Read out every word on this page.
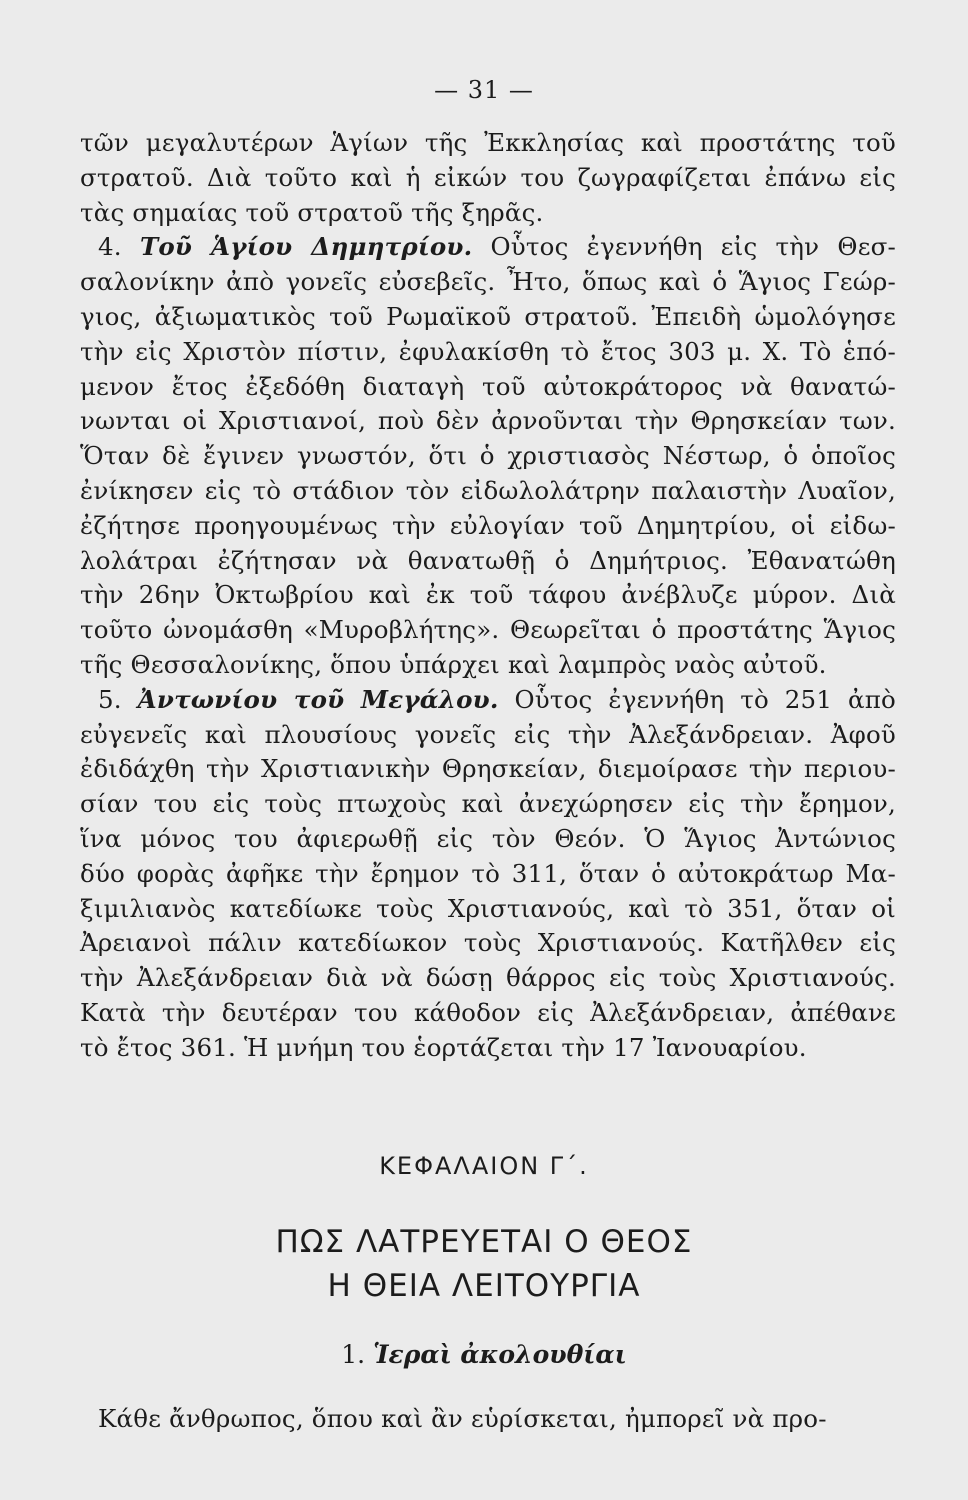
— 31 —
τῶν μεγαλυτέρων Ἁγίων τῆς Ἐκκλησίας καὶ προστάτης τοῦ
στρατοῦ. Διὰ τοῦτο καὶ ἡ εἰκών του ζωγραφίζεται ἐπάνω εἰς
τὰς σημαίας τοῦ στρατοῦ τῆς ξηρᾶς.
4. Τοῦ Ἁγίου Δημητρίου. Οὗτος ἐγεννήθη εἰς τὴν Θεσ-
σαλονίκην ἀπὸ γονεῖς εὐσεβεῖς. Ἦτο, ὅπως καὶ ὁ Ἅγιος Γεώρ-
γιος, ἀξιωματικὸς τοῦ Ρωμαϊκοῦ στρατοῦ. Ἐπειδὴ ὡμολόγησε
τὴν εἰς Χριστὸν πίστιν, ἐφυλακίσθη τὸ ἔτος 303 μ. Χ. Τὸ ἑπό-
μενον ἔτος ἐξεδόθη διαταγὴ τοῦ αὐτοκράτορος νὰ θανατώ-
νωνται οἱ Χριστιανοί, ποὺ δὲν ἀρνοῦνται τὴν Θρησκείαν των.
Ὅταν δὲ ἔγινεν γνωστόν, ὅτι ὁ χριστιασὸς Νέστωρ, ὁ ὁποῖος
ἐνίκησεν εἰς τὸ στάδιον τὸν εἰδωλολάτρην παλαιστὴν Λυαῖον,
ἐζήτησε προηγουμένως τὴν εὐλογίαν τοῦ Δημητρίου, οἱ εἰδω-
λολάτραι ἐζήτησαν νὰ θανατωθῇ ὁ Δημήτριος. Ἐθανατώθη
τὴν 26ην Ὀκτωβρίου καὶ ἐκ τοῦ τάφου ἀνέβλυζε μύρον. Διὰ
τοῦτο ὠνομάσθη «Μυροβλήτης». Θεωρεῖται ὁ προστάτης Ἅγιος
τῆς Θεσσαλονίκης, ὅπου ὑπάρχει καὶ λαμπρὸς ναὸς αὐτοῦ.
5. Ἀντωνίου τοῦ Μεγάλου. Οὗτος ἐγεννήθη τὸ 251 ἀπὸ
εὐγενεῖς καὶ πλουσίους γονεῖς εἰς τὴν Ἀλεξάνδρειαν. Ἀφοῦ
ἐδιδάχθη τὴν Χριστιανικὴν Θρησκείαν, διεμοίρασε τὴν περιου-
σίαν του εἰς τοὺς πτωχοὺς καὶ ἀνεχώρησεν εἰς τὴν ἔρημον,
ἵνα μόνος του ἀφιερωθῇ εἰς τὸν Θεόν. Ὁ Ἅγιος Ἀντώνιος
δύο φορὰς ἀφῆκε τὴν ἔρημον τὸ 311, ὅταν ὁ αὐτοκράτωρ Μα-
ξιμιλιανὸς κατεδίωκε τοὺς Χριστιανούς, καὶ τὸ 351, ὅταν οἱ
Ἀρειανοὶ πάλιν κατεδίωκον τοὺς Χριστιανούς. Κατῆλθεν εἰς
τὴν Ἀλεξάνδρειαν διὰ νὰ δώσῃ θάρρος εἰς τοὺς Χριστιανούς.
Κατὰ τὴν δευτέραν του κάθοδον εἰς Ἀλεξάνδρειαν, ἀπέθανε
τὸ ἔτος 361. Ἡ μνήμη του ἑορτάζεται τὴν 17 Ἰανουαρίου.
ΚΕΦΑΛΑΙΟΝ Γ΄.
ΠΩΣ ΛΑΤΡΕΥΕΤΑΙ Ο ΘΕΟΣ
Η ΘΕΙΑ ΛΕΙΤΟΥΡΓΙΑ
1. Ἱεραὶ ἀκολουθίαι
Κάθε ἄνθρωπος, ὅπου καὶ ἂν εὑρίσκεται, ἠμπορεῖ νὰ προ-
